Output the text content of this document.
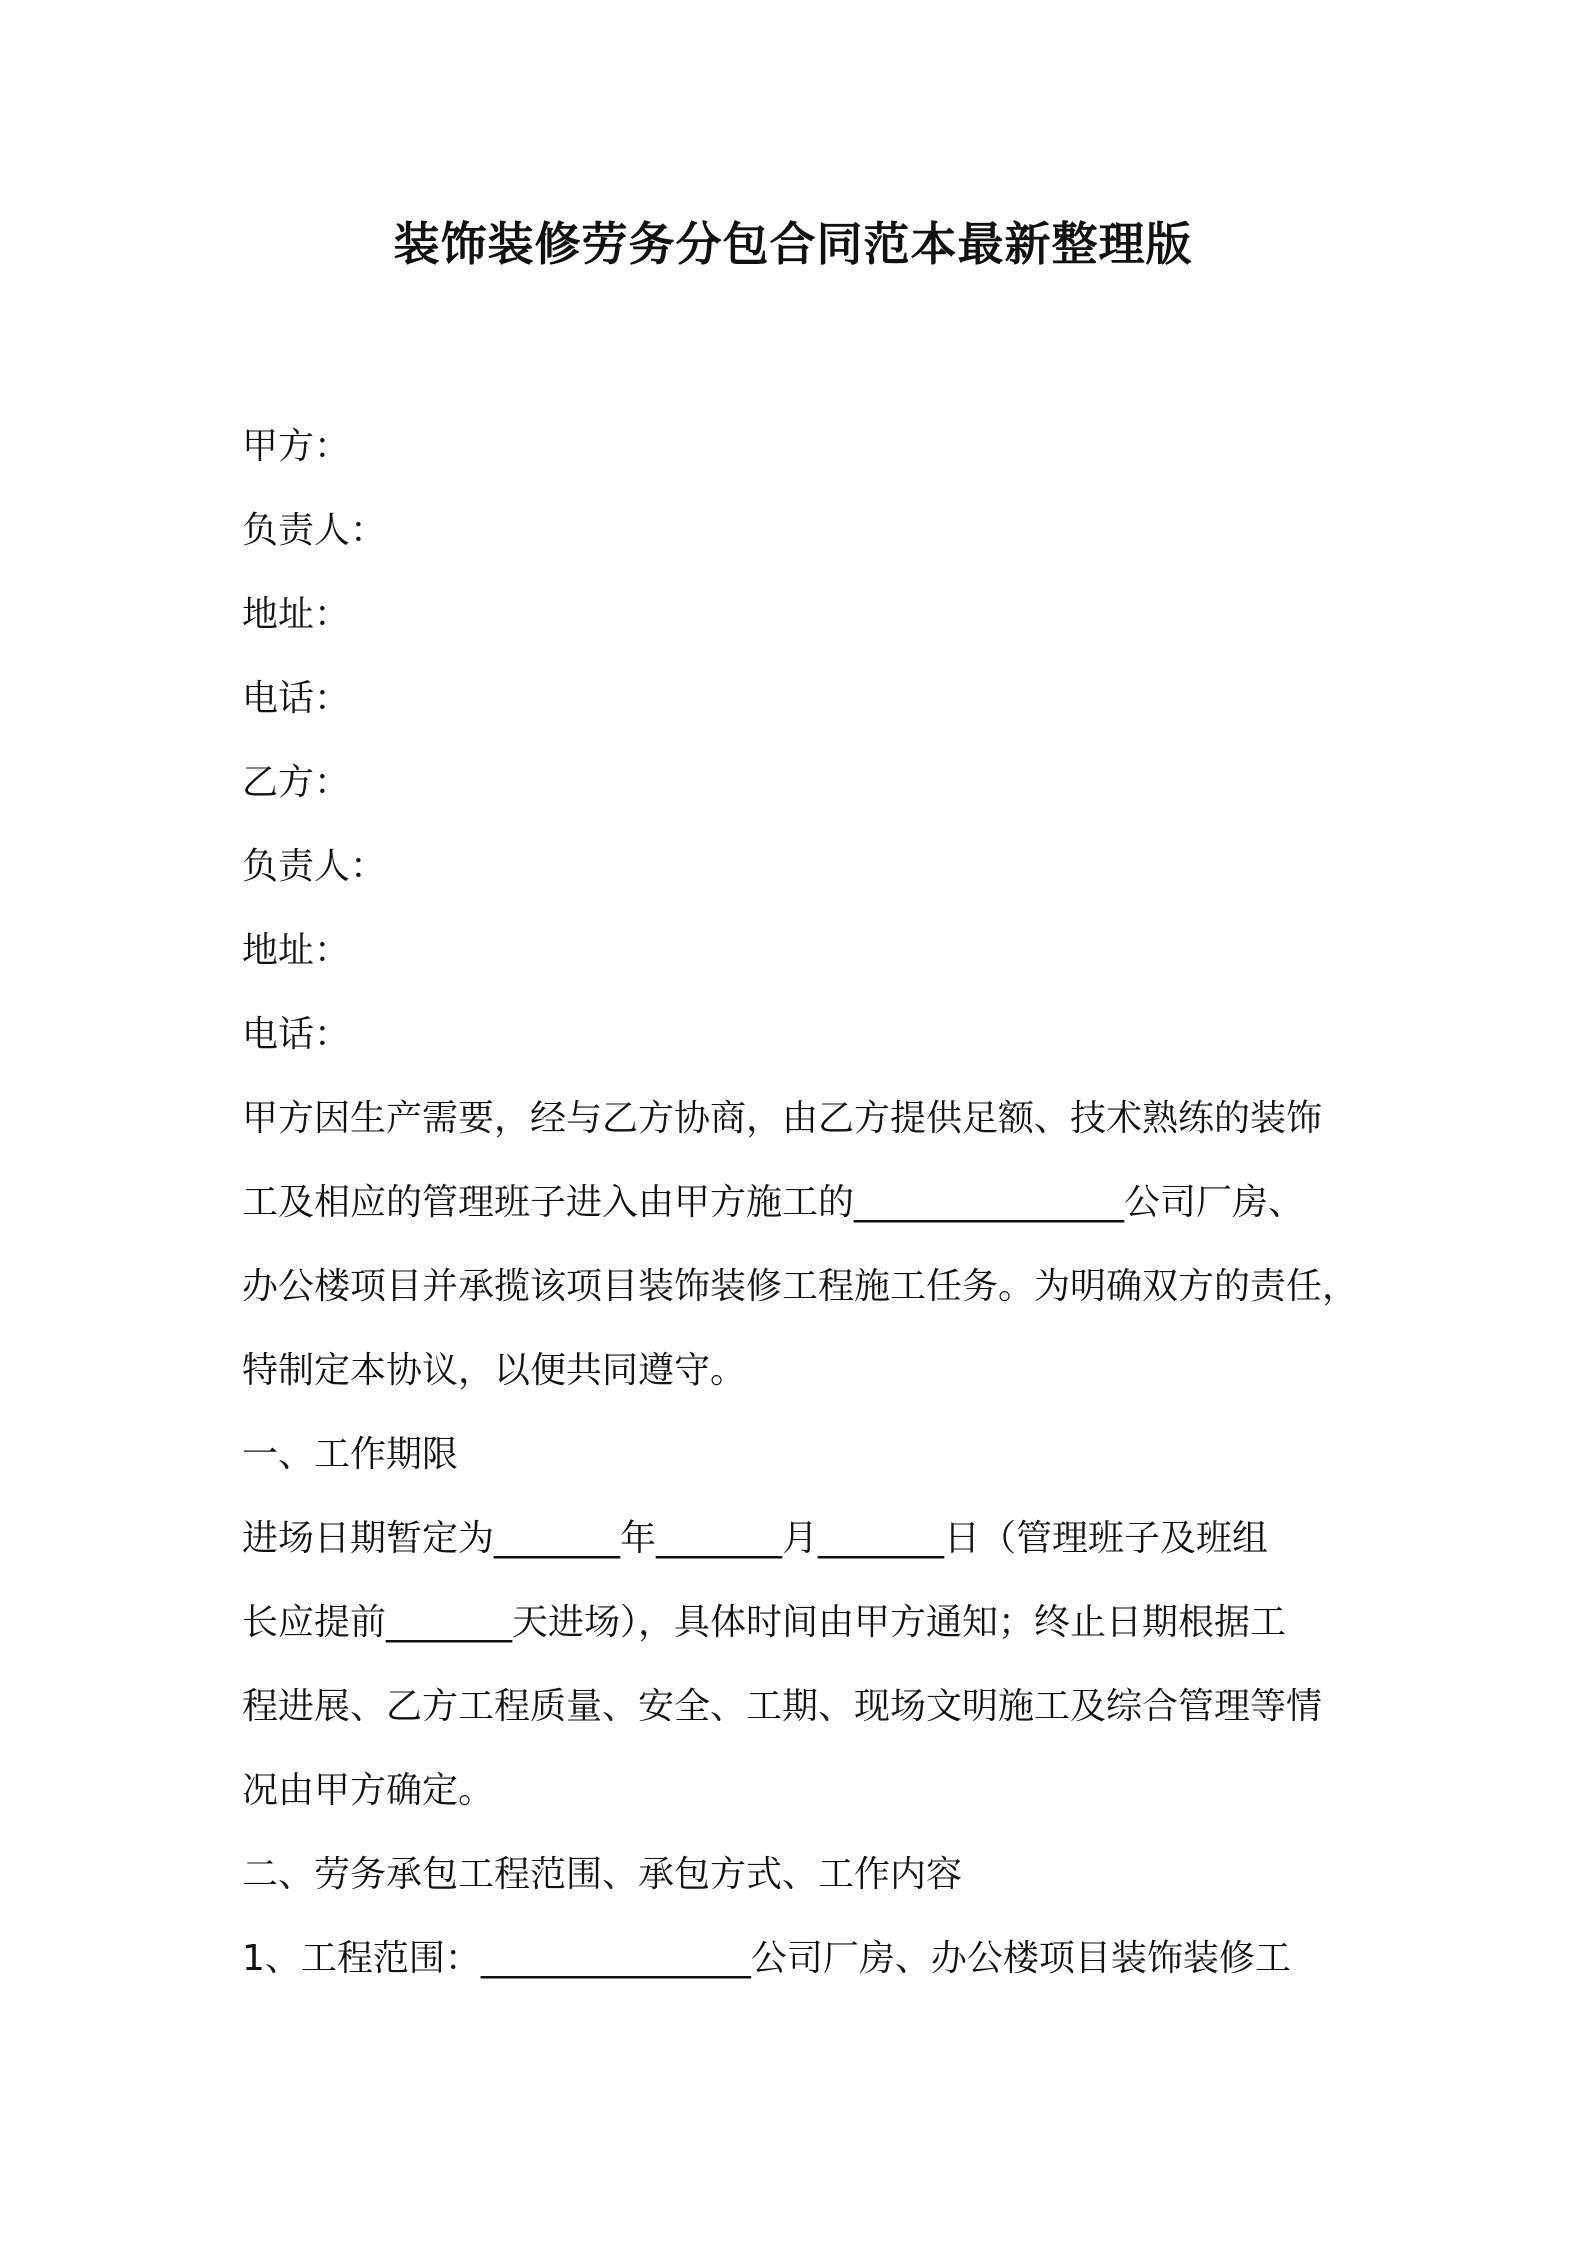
装饰装修劳务分包合同范本最新整理版
甲方：
负责人：
地址：
电话：
乙方：
负责人：
地址：
电话：
甲方因生产需要，经与乙方协商，由乙方提供足额、技术熟练的装饰
工及相应的管理班子进入由甲方施工的_______________公司厂房、
办公楼项目并承揽该项目装饰装修工程施工任务。为明确双方的责任，
特制定本协议，以便共同遵守。
一、工作期限
进场日期暂定为_______年_______月_______日（管理班子及班组
长应提前_______天进场），具体时间由甲方通知；终止日期根据工
程进展、乙方工程质量、安全、工期、现场文明施工及综合管理等情
况由甲方确定。
二、劳务承包工程范围、承包方式、工作内容
1、工程范围：_______________公司厂房、办公楼项目装饰装修工
